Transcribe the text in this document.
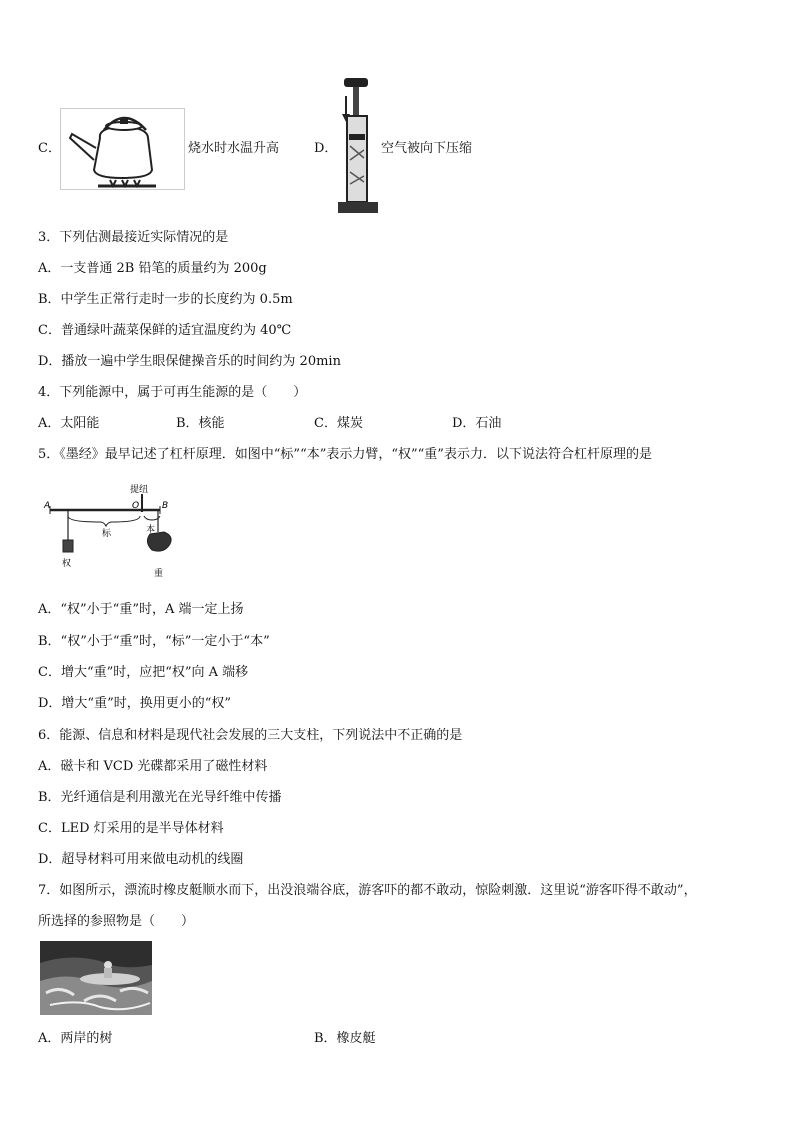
C．	烧水时水温升高	D．	空气被向下压缩
3．下列估测最接近实际情况的是
A．一支普通 2B 铅笔的质量约为 200g
B．中学生正常行走时一步的长度约为 0.5m
C．普通绿叶蔬菜保鲜的适宜温度约为 40℃
D．播放一遍中学生眼保健操音乐的时间约为 20min
4．下列能源中，属于可再生能源的是（　　）
A．太阳能	B．核能	C．煤炭	D．石油
5．《墨经》最早记述了杠杆原理．如图中“标”“本”表示力臂，“权”“重”表示力．以下说法符合杠杆原理的是
A	O	B
提纽
标	本
权
重
A．“权”小于“重”时，A 端一定上扬
B．“权”小于“重”时，“标”一定小于“本”
C．增大“重”时，应把“权”向 A 端移
D．增大“重”时，换用更小的“权”
6．能源、信息和材料是现代社会发展的三大支柱，下列说法中不正确的是
A．磁卡和 VCD 光碟都采用了磁性材料
B．光纤通信是利用激光在光导纤维中传播
C．LED 灯采用的是半导体材料
D．超导材料可用来做电动机的线圈
7．如图所示，漂流时橡皮艇顺水而下，出没浪端谷底，游客吓的都不敢动，惊险刺激．这里说“游客吓得不敢动”，
所选择的参照物是（　　）
A．两岸的树	B．橡皮艇
